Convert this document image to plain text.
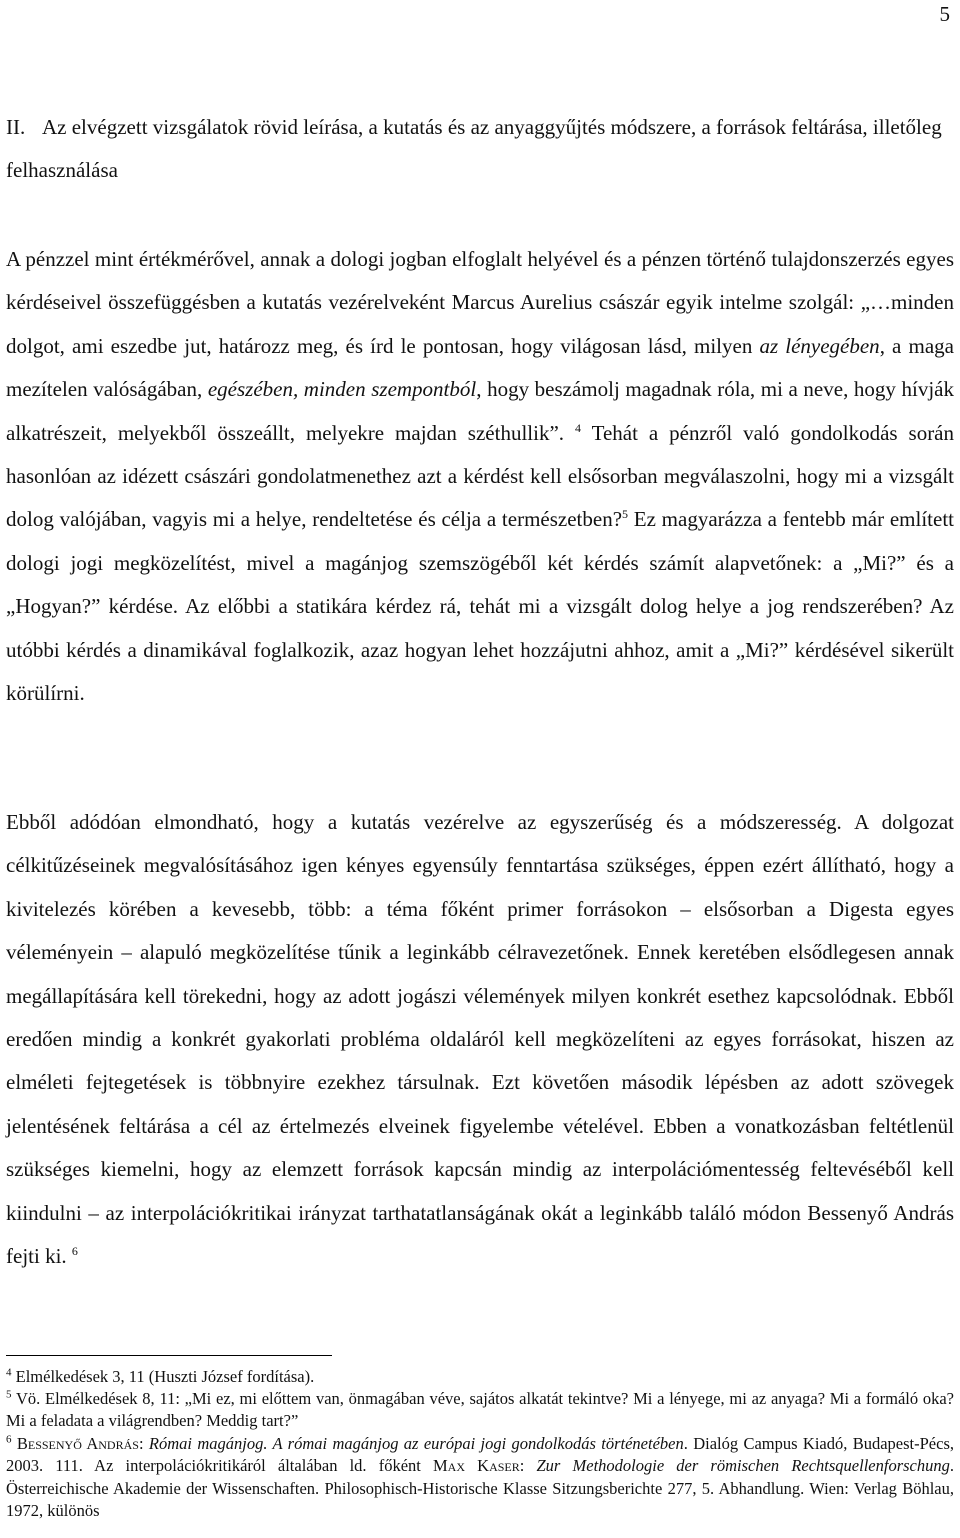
5
II. Az elvégzett vizsgálatok rövid leírása, a kutatás és az anyaggyűjtés módszere, a források feltárása, illetőleg felhasználása
A pénzzel mint értékmérővel, annak a dologi jogban elfoglalt helyével és a pénzen történő tulajdonszerzés egyes kérdéseivel összefüggésben a kutatás vezérelveként Marcus Aurelius császár egyik intelme szolgál: „…minden dolgot, ami eszedbe jut, határozz meg, és írd le pontosan, hogy világosan lásd, milyen az lényegében, a maga mezítelen valóságában, egészében, minden szempontból, hogy beszámolj magadnak róla, mi a neve, hogy hívják alkatrészeit, melyekből összeállt, melyekre majdan széthullik”. $^4$ Tehát a pénzről való gondolkodás során hasonlóan az idézett császári gondolatmenethez azt a kérdést kell elsősorban megválaszolni, hogy mi a vizsgált dolog valójában, vagyis mi a helye, rendeltetése és célja a természetben?$^5$ Ez magyarázza a fentebb már említett dologi jogi megközelítést, mivel a magánjog szemszögéből két kérdés számít alapvetőnek: a „Mi?” és a „Hogyan?” kérdése. Az előbbi a statikára kérdez rá, tehát mi a vizsgált dolog helye a jog rendszerében? Az utóbbi kérdés a dinamikával foglalkozik, azaz hogyan lehet hozzájutni ahhoz, amit a „Mi?” kérdésével sikerült körülírni.
Ebből adódóan elmondható, hogy a kutatás vezérelve az egyszerűség és a módszeresség. A dolgozat célkitűzéseinek megvalósításához igen kényes egyensúly fenntartása szükséges, éppen ezért állítható, hogy a kivitelezés körében a kevesebb, több: a téma főként primer forrásokon – elsősorban a Digesta egyes véleményein – alapuló megközelítése tűnik a leginkább célravezetőnek. Ennek keretében elsődlegesen annak megállapítására kell törekedni, hogy az adott jogászi vélemények milyen konkrét esethez kapcsolódnak. Ebből eredően mindig a konkrét gyakorlati probléma oldaláról kell megközelíteni az egyes forrásokat, hiszen az elméleti fejtegetések is többnyire ezekhez társulnak. Ezt követően második lépésben az adott szövegek jelentésének feltárása a cél az értelmezés elveinek figyelembe vételével. Ebben a vonatkozásban feltétlenül szükséges kiemelni, hogy az elemzett források kapcsán mindig az interpolációmentesség feltevéséből kell kiindulni – az interpolációkritikai irányzat tarthatatlanságának okát a leginkább találó módon Bessenyő András fejti ki. $^6$
$^4$ Elmélkedések 3, 11 (Huszti József fordítása).
$^5$ Vö. Elmélkedések 8, 11: „Mi ez, mi előttem van, önmagában véve, sajátos alkatát tekintve? Mi a lényege, mi az anyaga? Mi a formáló oka? Mi a feladata a világrendben? Meddig tart?”
$^6$ Bessenyő András: Római magánjog. A római magánjog az európai jogi gondolkodás történetében. Dialóg Campus Kiadó, Budapest-Pécs, 2003. 111. Az interpolációkritikáról általában ld. főként Max Kaser: Zur Methodologie der römischen Rechtsquellenforschung. Österreichische Akademie der Wissenschaften. Philosophisch-Historische Klasse Sitzungsberichte 277, 5. Abhandlung. Wien: Verlag Böhlau, 1972, különös
